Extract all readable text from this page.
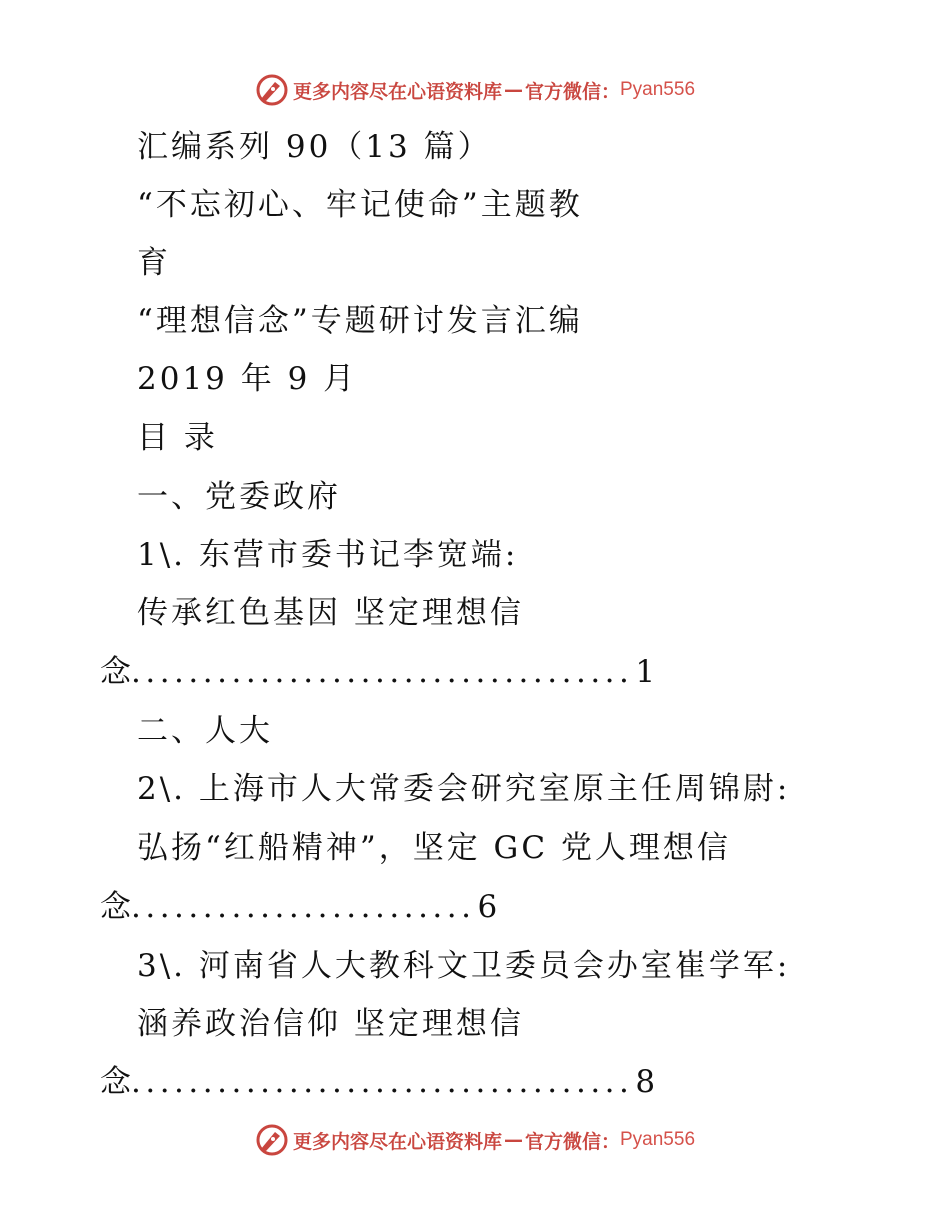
更多内容尽在心语资料库 — 官方微信： Pyan556
汇编系列 90（13 篇）
“不忘初心、牢记使命”主题教
育
“理想信念”专题研讨发言汇编
2019 年 9 月
目 录
一、党委政府
1\. 东营市委书记李宽端:
传承红色基因 坚定理想信
念 ................................... 1
二、人大
2\. 上海市人大常委会研究室原主任周锦尉:
弘扬“红船精神”，坚定 GC 党人理想信
念 ........................ 6
3\. 河南省人大教科文卫委员会办室崔学军:
涵养政治信仰 坚定理想信
念 ................................... 8
更多内容尽在心语资料库 — 官方微信： Pyan556
